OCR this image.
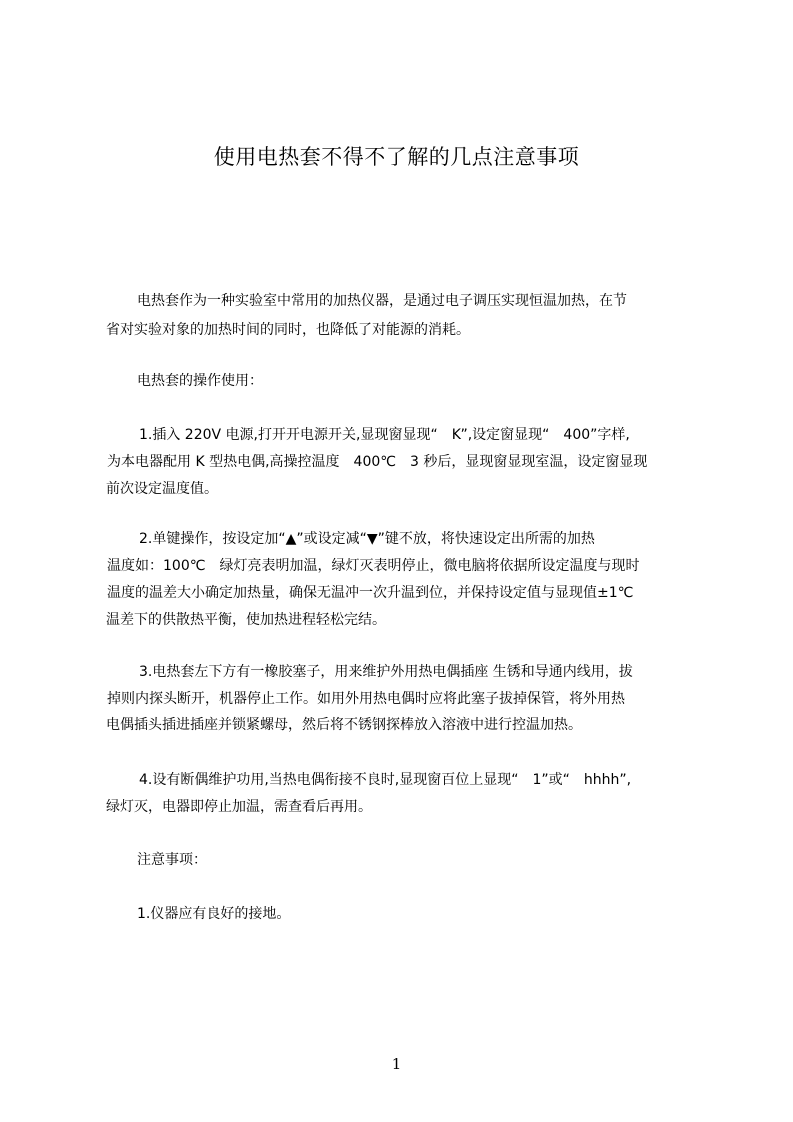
使用电热套不得不了解的几点注意事项
电热套作为一种实验室中常用的加热仪器，是通过电子调压实现恒温加热，在节
省对实验对象的加热时间的同时，也降低了对能源的消耗。
电热套的操作使用：
1.插入 220V 电源,打开开电源开关,显现窗显现“　K”,设定窗显现“　400”字样,
为本电器配用 K 型热电偶,高操控温度　400℃　3 秒后，显现窗显现室温，设定窗显现
前次设定温度值。
2.单键操作，按设定加“▲”或设定减“▼”键不放，将快速设定出所需的加热
温度如：100℃　绿灯亮表明加温，绿灯灭表明停止，微电脑将依据所设定温度与现时
温度的温差大小确定加热量，确保无温冲一次升温到位，并保持设定值与显现值±1℃
温差下的供散热平衡，使加热进程轻松完结。
3.电热套左下方有一橡胶塞子，用来维护外用热电偶插座 生锈和导通内线用，拔
掉则内探头断开，机器停止工作。如用外用热电偶时应将此塞子拔掉保管，将外用热
电偶插头插进插座并锁紧螺母，然后将不锈钢探棒放入溶液中进行控温加热。
4.设有断偶维护功用,当热电偶衔接不良时,显现窗百位上显现“　1”或“　hhhh”,
绿灯灭，电器即停止加温，需查看后再用。
注意事项：
1.仪器应有良好的接地。
1
